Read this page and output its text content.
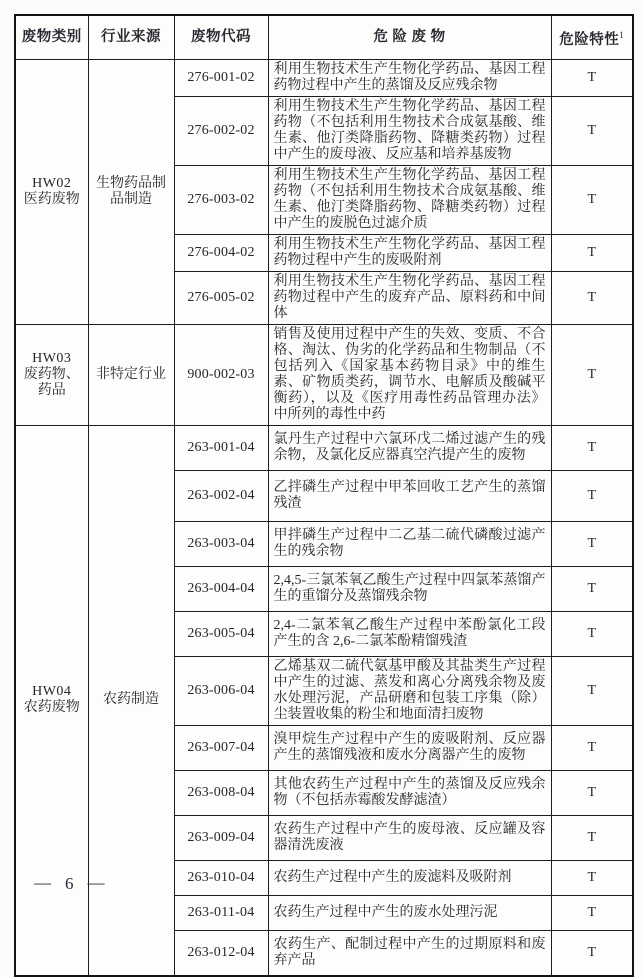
废物类别	行业来源	废物代码	危 险 废 物	危险特性$^1$

HW02
医药废物	生物药品制品制造	276-001-02	利用生物技术生产生物化学药品、基因工程药物过程中产生的蒸馏及反应残余物	T
		276-002-02	利用生物技术生产生物化学药品、基因工程药物（不包括利用生物技术合成氨基酸、维生素、他汀类降脂药物、降糖类药物）过程中产生的废母液、反应基和培养基废物	T
		276-003-02	利用生物技术生产生物化学药品、基因工程药物（不包括利用生物技术合成氨基酸、维生素、他汀类降脂药物、降糖类药物）过程中产生的废脱色过滤介质	T
		276-004-02	利用生物技术生产生物化学药品、基因工程药物过程中产生的废吸附剂	T
		276-005-02	利用生物技术生产生物化学药品、基因工程药物过程中产生的废弃产品、原料药和中间体	T

HW03
废药物、药品	非特定行业	900-002-03	销售及使用过程中产生的失效、变质、不合格、淘汰、伪劣的化学药品和生物制品（不包括列入《国家基本药物目录》中的维生素、矿物质类药，调节水、电解质及酸碱平衡药），以及《医疗用毒性药品管理办法》中所列的毒性中药	T

HW04
农药废物	农药制造	263-001-04	氯丹生产过程中六氯环戊二烯过滤产生的残余物，及氯化反应器真空汽提产生的废物	T
		263-002-04	乙拌磷生产过程中甲苯回收工艺产生的蒸馏残渣	T
		263-003-04	甲拌磷生产过程中二乙基二硫代磷酸过滤产生的残余物	T
		263-004-04	2,4,5-三氯苯氧乙酸生产过程中四氯苯蒸馏产生的重馏分及蒸馏残余物	T
		263-005-04	2,4-二氯苯氧乙酸生产过程中苯酚氯化工段产生的含 2,6-二氯苯酚精馏残渣	T
		263-006-04	乙烯基双二硫代氨基甲酸及其盐类生产过程中产生的过滤、蒸发和离心分离残余物及废水处理污泥，产品研磨和包装工序集（除）尘装置收集的粉尘和地面清扫废物	T
		263-007-04	溴甲烷生产过程中产生的废吸附剂、反应器产生的蒸馏残液和废水分离器产生的废物	T
		263-008-04	其他农药生产过程中产生的蒸馏及反应残余物（不包括赤霉酸发酵滤渣）	T
		263-009-04	农药生产过程中产生的废母液、反应罐及容器清洗废液	T
		263-010-04	农药生产过程中产生的废滤料及吸附剂	T
		263-011-04	农药生产过程中产生的废水处理污泥	T
		263-012-04	农药生产、配制过程中产生的过期原料和废弃产品	T
— 6 —
